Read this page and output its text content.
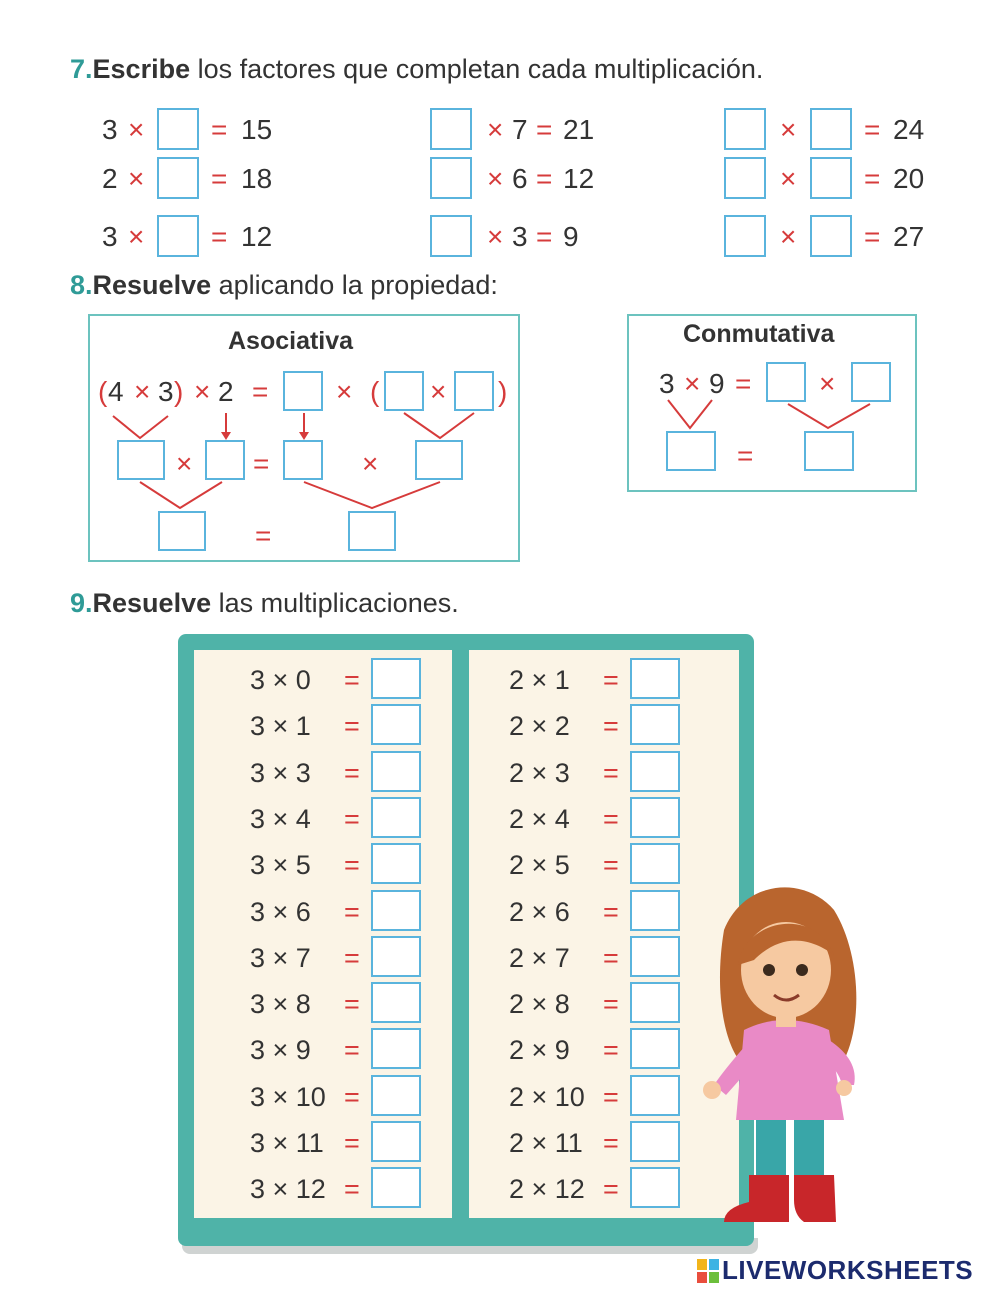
7.Escribe los factores que completan cada multiplicación.
3 × = 15
2 × = 18
3 × = 12
× 7 = 21
× 6 = 12
× 3 = 9
× = 24
× = 20
× = 27
8.Resuelve aplicando la propiedad:
Asociativa
( 4 × 3 ) × 2 = × ( × )
× =	×
=
Conmutativa
3 × 9 = ×
=
9.Resuelve las multiplicaciones.
3 × 0 =
3 × 1 =
3 × 3 =
3 × 4 =
3 × 5 =
3 × 6 =
3 × 7 =
3 × 8 =
3 × 9 =
3 × 10 =
3 × 11 =
3 × 12 =
2 × 1 =
2 × 2 =
2 × 3 =
2 × 4 =
2 × 5 =
2 × 6 =
2 × 7 =
2 × 8 =
2 × 9 =
2 × 10 =
2 × 11 =
2 × 12 =
LIVEWORKSHEETS
